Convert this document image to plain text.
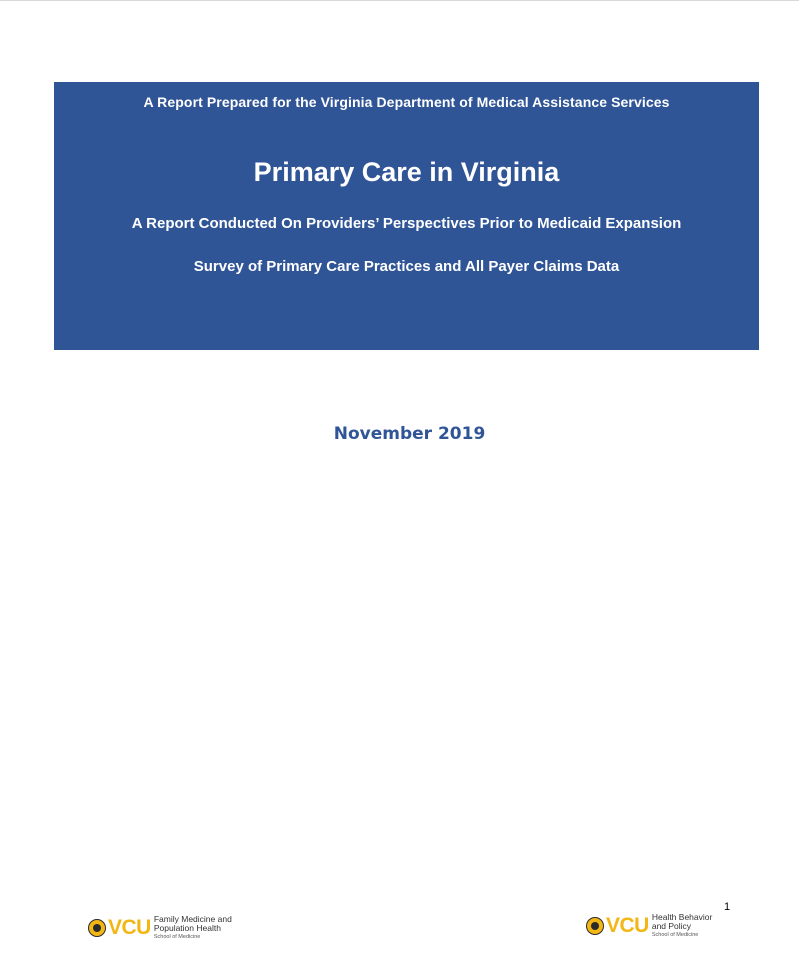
A Report Prepared for the Virginia Department of Medical Assistance Services
Primary Care in Virginia
A Report Conducted On Providers’ Perspectives Prior to Medicaid Expansion
Survey of Primary Care Practices and All Payer Claims Data
November 2019
1
VCU Family Medicine and
Population Health
School of Medicine	VCU Health Behavior
and Policy
School of Medicine
